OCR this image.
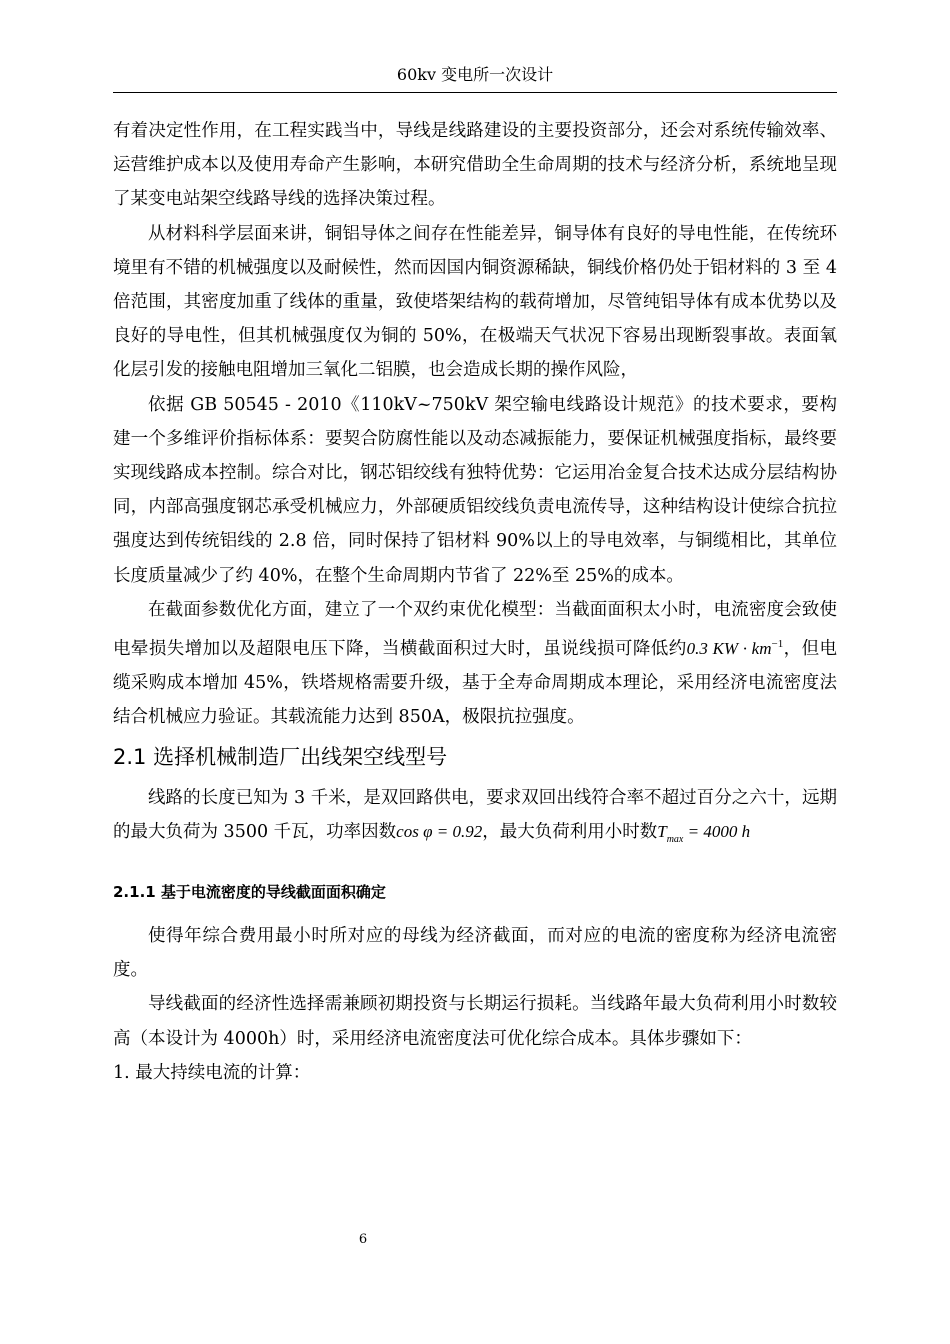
60kv 变电所一次设计

有着决定性作用，在工程实践当中，导线是线路建设的主要投资部分，还会对系统传输效率、运营维护成本以及使用寿命产生影响，本研究借助全生命周期的技术与经济分析，系统地呈现了某变电站架空线路导线的选择决策过程。

从材料科学层面来讲，铜铝导体之间存在性能差异，铜导体有良好的导电性能，在传统环境里有不错的机械强度以及耐候性，然而因国内铜资源稀缺，铜线价格仍处于铝材料的 3 至 4 倍范围，其密度加重了线体的重量，致使塔架结构的载荷增加，尽管纯铝导体有成本优势以及良好的导电性，但其机械强度仅为铜的 50%，在极端天气状况下容易出现断裂事故。表面氧化层引发的接触电阻增加三氧化二铝膜，也会造成长期的操作风险，

依据 GB 50545 - 2010《110kV~750kV 架空输电线路设计规范》的技术要求，要构建一个多维评价指标体系：要契合防腐性能以及动态减振能力，要保证机械强度指标，最终要实现线路成本控制。综合对比，钢芯铝绞线有独特优势：它运用冶金复合技术达成分层结构协同，内部高强度钢芯承受机械应力，外部硬质铝绞线负责电流传导，这种结构设计使综合抗拉强度达到传统铝线的 2.8 倍，同时保持了铝材料 90%以上的导电效率，与铜缆相比，其单位长度质量减少了约 40%，在整个生命周期内节省了 22%至 25%的成本。

在截面参数优化方面，建立了一个双约束优化模型：当截面面积太小时，电流密度会致使电晕损失增加以及超限电压下降，当横截面积过大时，虽说线损可降低约0.3 KW · $km^{-1}$，但电缆采购成本增加 45%，铁塔规格需要升级，基于全寿命周期成本理论，采用经济电流密度法结合机械应力验证。其载流能力达到 850A，极限抗拉强度。

2.1 选择机械制造厂出线架空线型号

线路的长度已知为 3 千米，是双回路供电，要求双回出线符合率不超过百分之六十，远期的最大负荷为 3500 千瓦，功率因数cos φ = 0.92，最大负荷利用小时数$T_{max} = 4000$ h

2.1.1 基于电流密度的导线截面面积确定

使得年综合费用最小时所对应的母线为经济截面，而对应的电流的密度称为经济电流密度。

导线截面的经济性选择需兼顾初期投资与长期运行损耗。当线路年最大负荷利用小时数较高（本设计为 4000h）时，采用经济电流密度法可优化综合成本。具体步骤如下：

1. 最大持续电流的计算：

6
